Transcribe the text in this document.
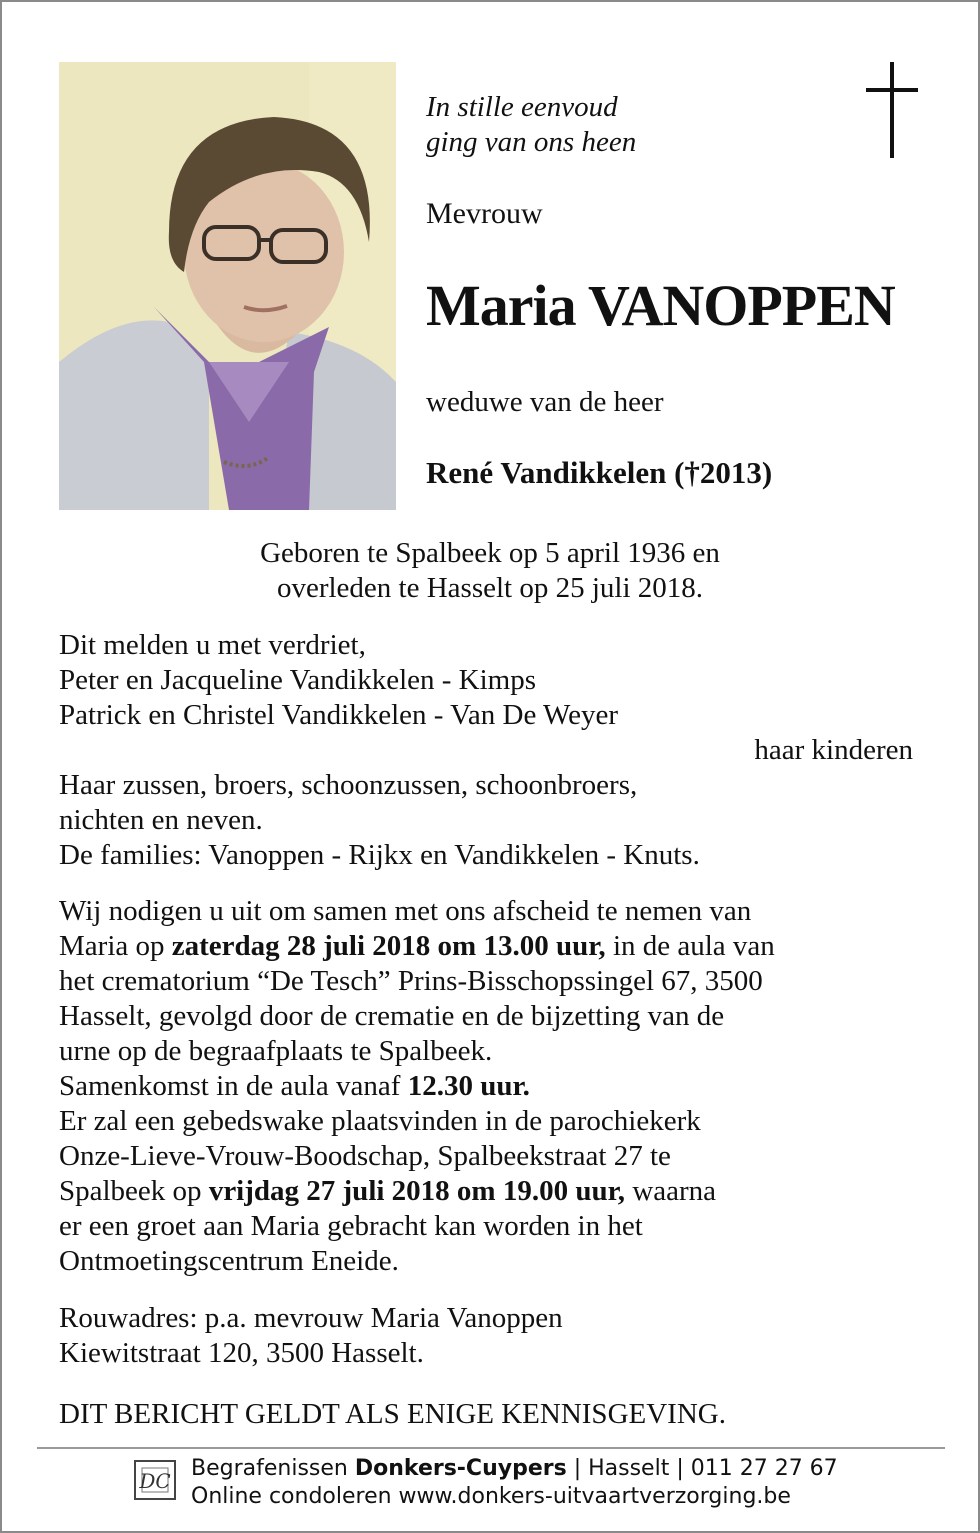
In stille eenvoud
ging van ons heen
Mevrouw
Maria VANOPPEN
weduwe van de heer
René Vandikkelen (†2013)
Geboren te Spalbeek op 5 april 1936 en
overleden te Hasselt op 25 juli 2018.
Dit melden u met verdriet,
Peter en Jacqueline Vandikkelen - Kimps
Patrick en Christel Vandikkelen - Van De Weyer
haar kinderen
Haar zussen, broers, schoonzussen, schoonbroers,
nichten en neven.
De families: Vanoppen - Rijkx en Vandikkelen - Knuts.
Wij nodigen u uit om samen met ons afscheid te nemen van
Maria op zaterdag 28 juli 2018 om 13.00 uur, in de aula van
het crematorium “De Tesch” Prins-Bisschopssingel 67, 3500
Hasselt, gevolgd door de crematie en de bijzetting van de
urne op de begraafplaats te Spalbeek.
Samenkomst in de aula vanaf 12.30 uur.
Er zal een gebedswake plaatsvinden in de parochiekerk
Onze-Lieve-Vrouw-Boodschap, Spalbeekstraat 27 te
Spalbeek op vrijdag 27 juli 2018 om 19.00 uur, waarna
er een groet aan Maria gebracht kan worden in het
Ontmoetingscentrum Eneide.
Rouwadres: p.a. mevrouw Maria Vanoppen
Kiewitstraat 120, 3500 Hasselt.
DIT BERICHT GELDT ALS ENIGE KENNISGEVING.
DC Begrafenissen Donkers-Cuypers | Hasselt | 011 27 27 67
Online condoleren www.donkers-uitvaartverzorging.be
